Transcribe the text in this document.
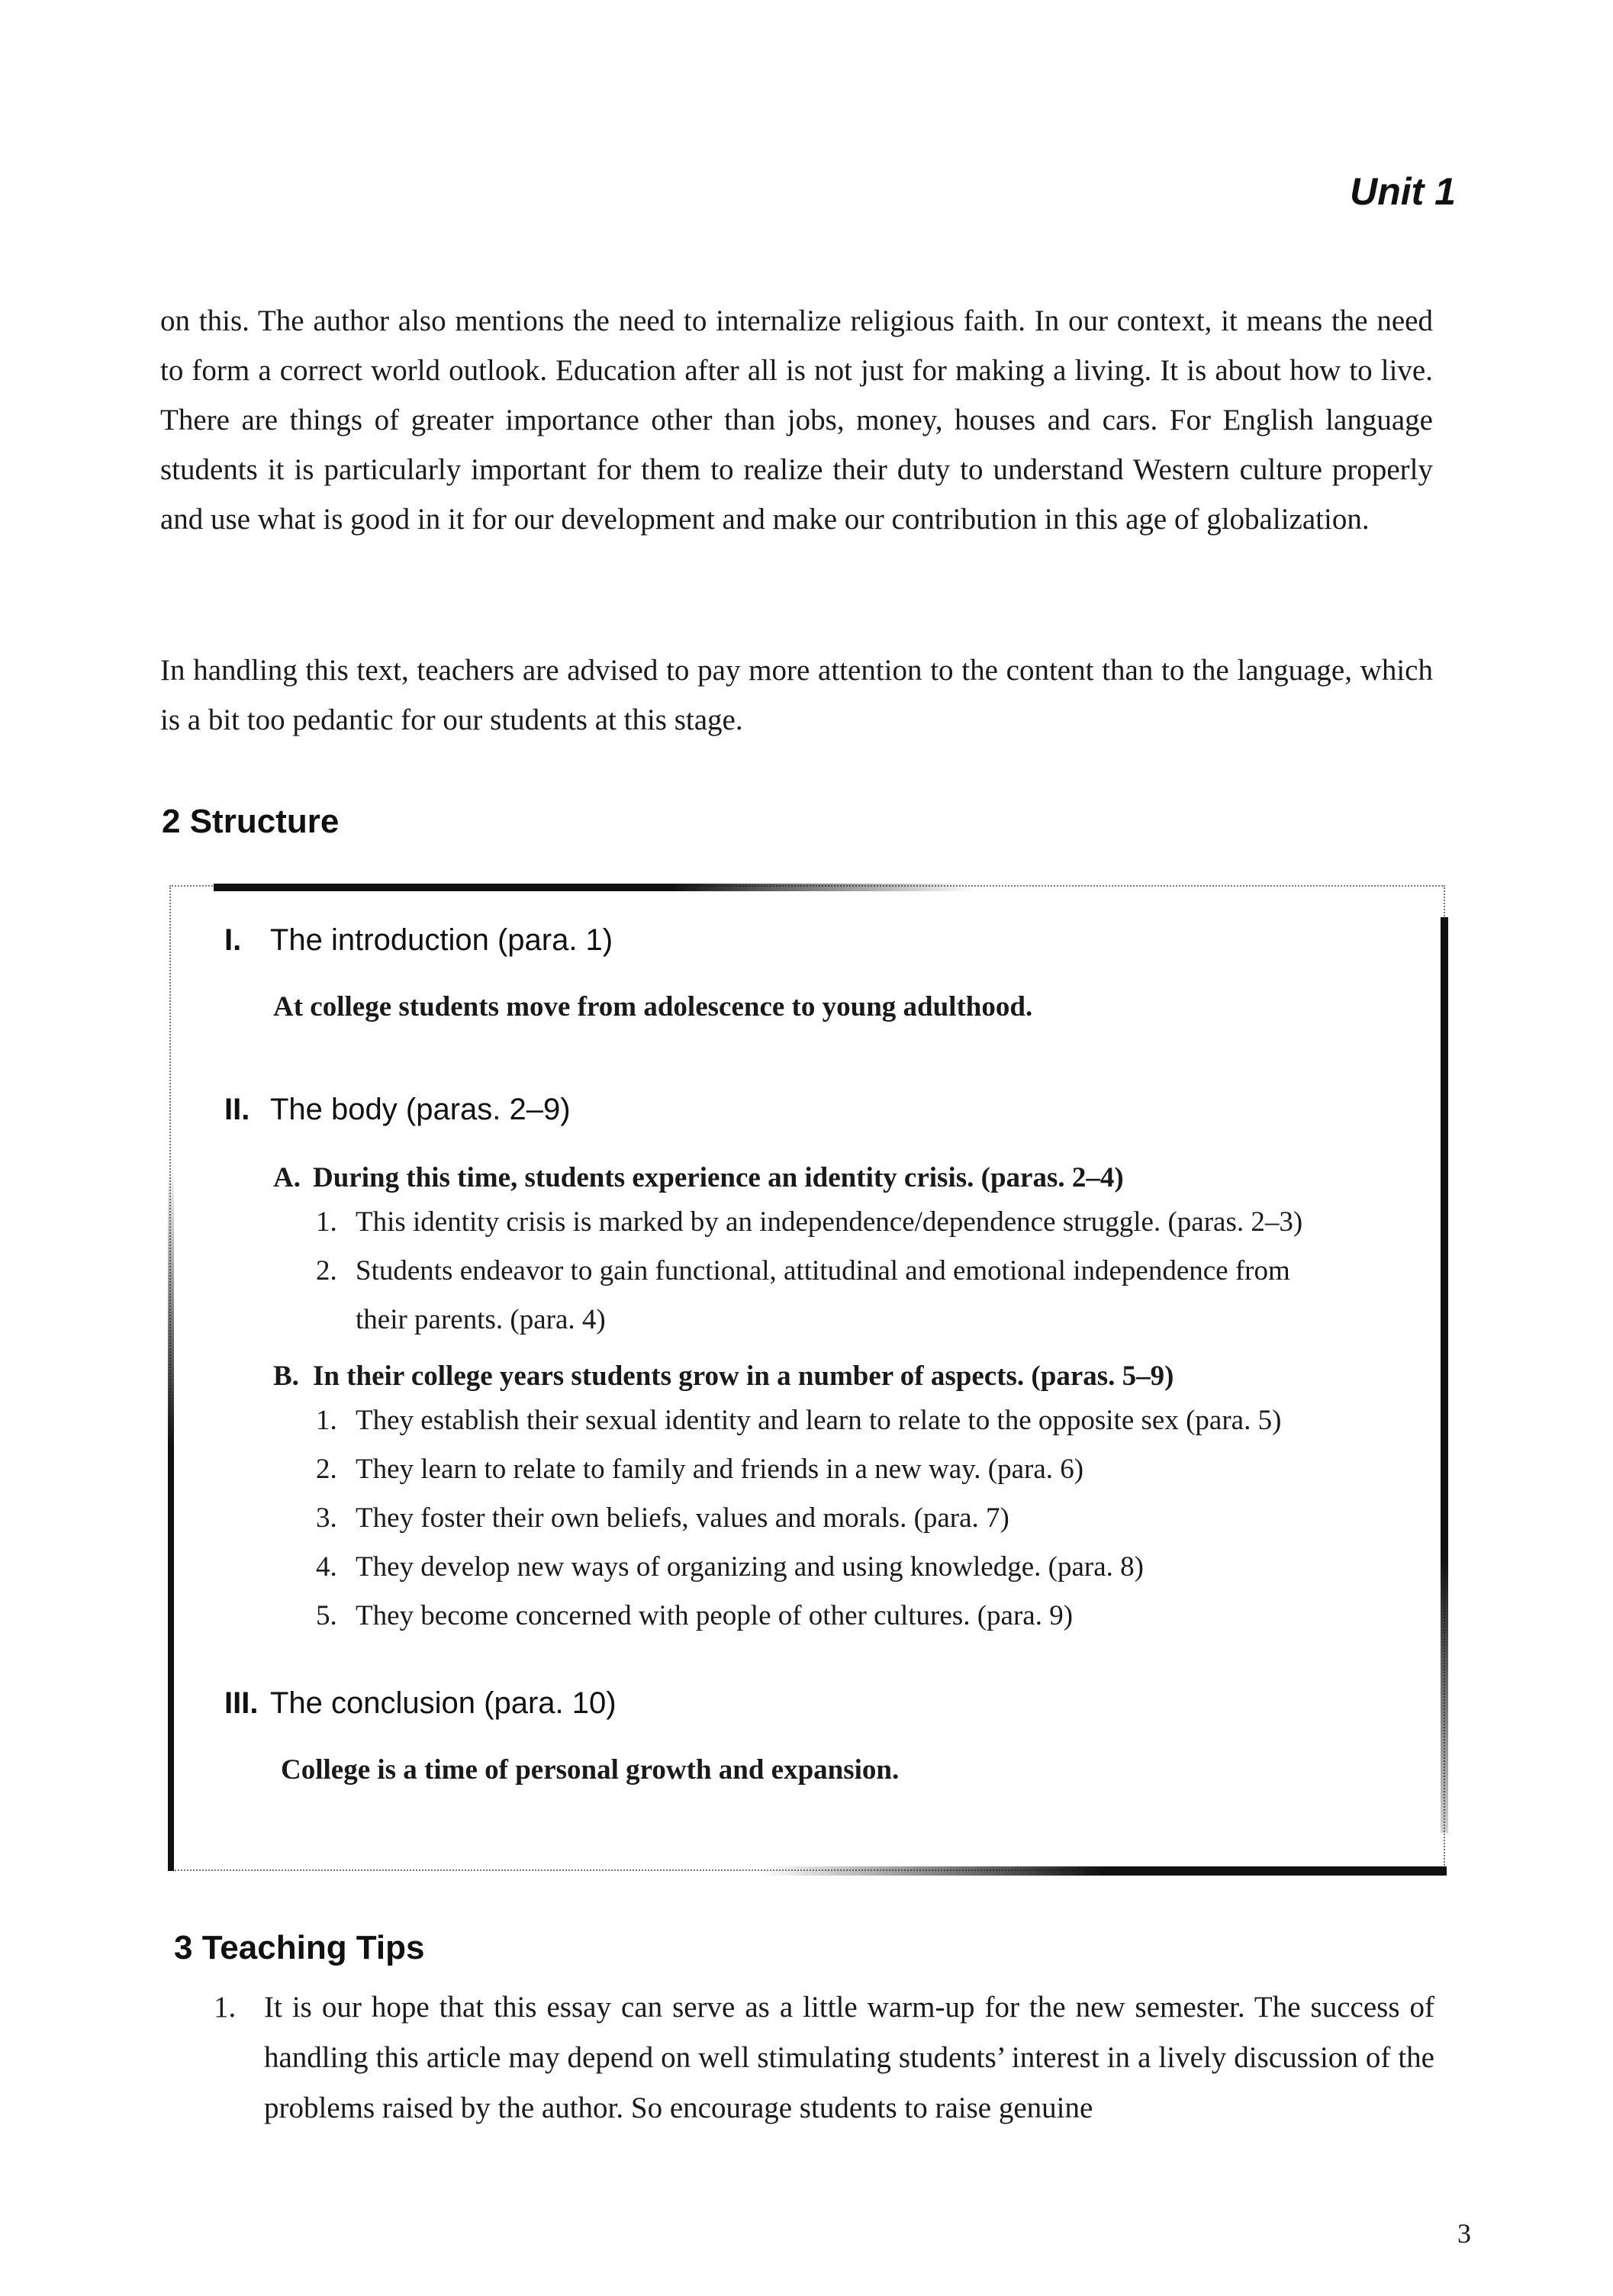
Unit 1

on this. The author also mentions the need to internalize religious faith. In our context, it means the need to form a correct world outlook. Education after all is not just for making a living. It is about how to live. There are things of greater importance other than jobs, money, houses and cars. For English language students it is particularly important for them to realize their duty to understand Western culture properly and use what is good in it for our development and make our contribution in this age of globalization.

In handling this text, teachers are advised to pay more attention to the content than to the language, which is a bit too pedantic for our students at this stage.

2 Structure
I. The introduction (para. 1)
At college students move from adolescence to young adulthood.
II. The body (paras. 2–9)
A. During this time, students experience an identity crisis. (paras. 2–4)
1. This identity crisis is marked by an independence/dependence struggle. (paras. 2–3)
2. Students endeavor to gain functional, attitudinal and emotional independence from
their parents. (para. 4)
B. In their college years students grow in a number of aspects. (paras. 5–9)
1. They establish their sexual identity and learn to relate to the opposite sex (para. 5)
2. They learn to relate to family and friends in a new way. (para. 6)
3. They foster their own beliefs, values and morals. (para. 7)
4. They develop new ways of organizing and using knowledge. (para. 8)
5. They become concerned with people of other cultures. (para. 9)
III. The conclusion (para. 10)
College is a time of personal growth and expansion.
3 Teaching Tips
1. It is our hope that this essay can serve as a little warm-up for the new semester. The success of handling this article may depend on well stimulating students’ interest in a lively discussion of the problems raised by the author. So encourage students to raise genuine
3
